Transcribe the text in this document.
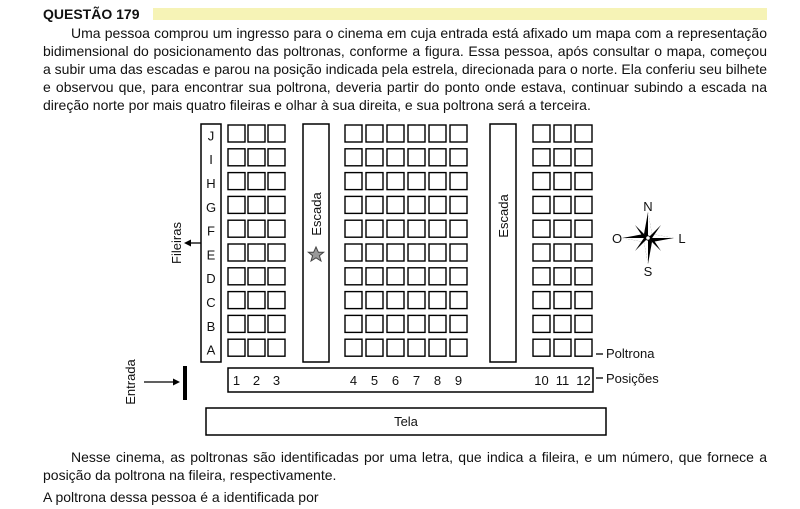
QUESTÃO 179

Uma pessoa comprou um ingresso para o cinema em cuja entrada está afixado um mapa com a representação bidimensional do posicionamento das poltronas, conforme a figura. Essa pessoa, após consultar o mapa, começou a subir uma das escadas e parou na posição indicada pela estrela, direcionada para o norte. Ela conferiu seu bilhete e observou que, para encontrar sua poltrona, deveria partir do ponto onde estava, continuar subindo a escada na direção norte por mais quatro fileiras e olhar à sua direita, e sua poltrona será a terceira.

J
I
H
G
F
E
D
C
B
A
1 2 3	4 5 6 7 8 9	10 11 12
Escada	Escada
Fileiras
Entrada
Poltrona
Posições
Tela
N
S
O	L

Nesse cinema, as poltronas são identificadas por uma letra, que indica a fileira, e um número, que fornece a posição da poltrona na fileira, respectivamente.

A poltrona dessa pessoa é a identificada por
